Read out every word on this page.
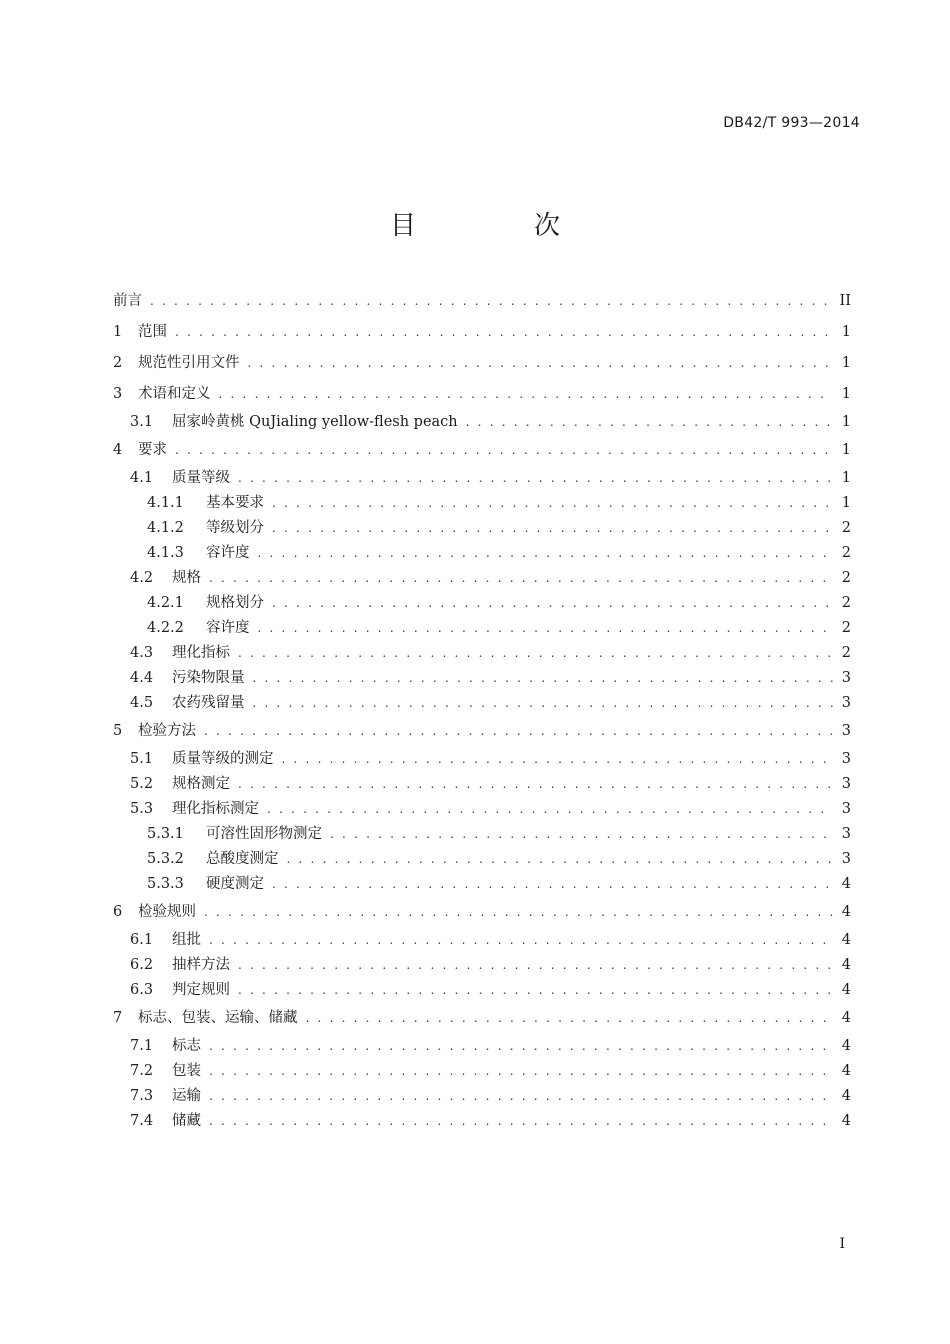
DB42/T 993—2014
目　次
前言 . . .	II
1	范围 . . .	1
2	规范性引用文件 . . .	1
3	术语和定义 . . .	1
3.1	屈家岭黄桃 QuJialing yellow-flesh peach . . .	1
4	要求 . . .	1
4.1	质量等级 . . .	1
4.1.1	基本要求 . . .	1
4.1.2	等级划分 . . .	2
4.1.3	容许度 . . .	2
4.2	规格 . . .	2
4.2.1	规格划分 . . .	2
4.2.2	容许度 . . .	2
4.3	理化指标 . . .	2
4.4	污染物限量 . . .	3
4.5	农药残留量 . . .	3
5	检验方法 . . .	3
5.1	质量等级的测定 . . .	3
5.2	规格测定 . . .	3
5.3	理化指标测定 . . .	3
5.3.1	可溶性固形物测定 . . .	3
5.3.2	总酸度测定 . . .	3
5.3.3	硬度测定 . . .	4
6	检验规则 . . .	4
6.1	组批 . . .	4
6.2	抽样方法 . . .	4
6.3	判定规则 . . .	4
7	标志、包装、运输、储藏 . . .	4
7.1	标志 . . .	4
7.2	包装 . . .	4
7.3	运输 . . .	4
7.4	储藏 . . .	4
I
